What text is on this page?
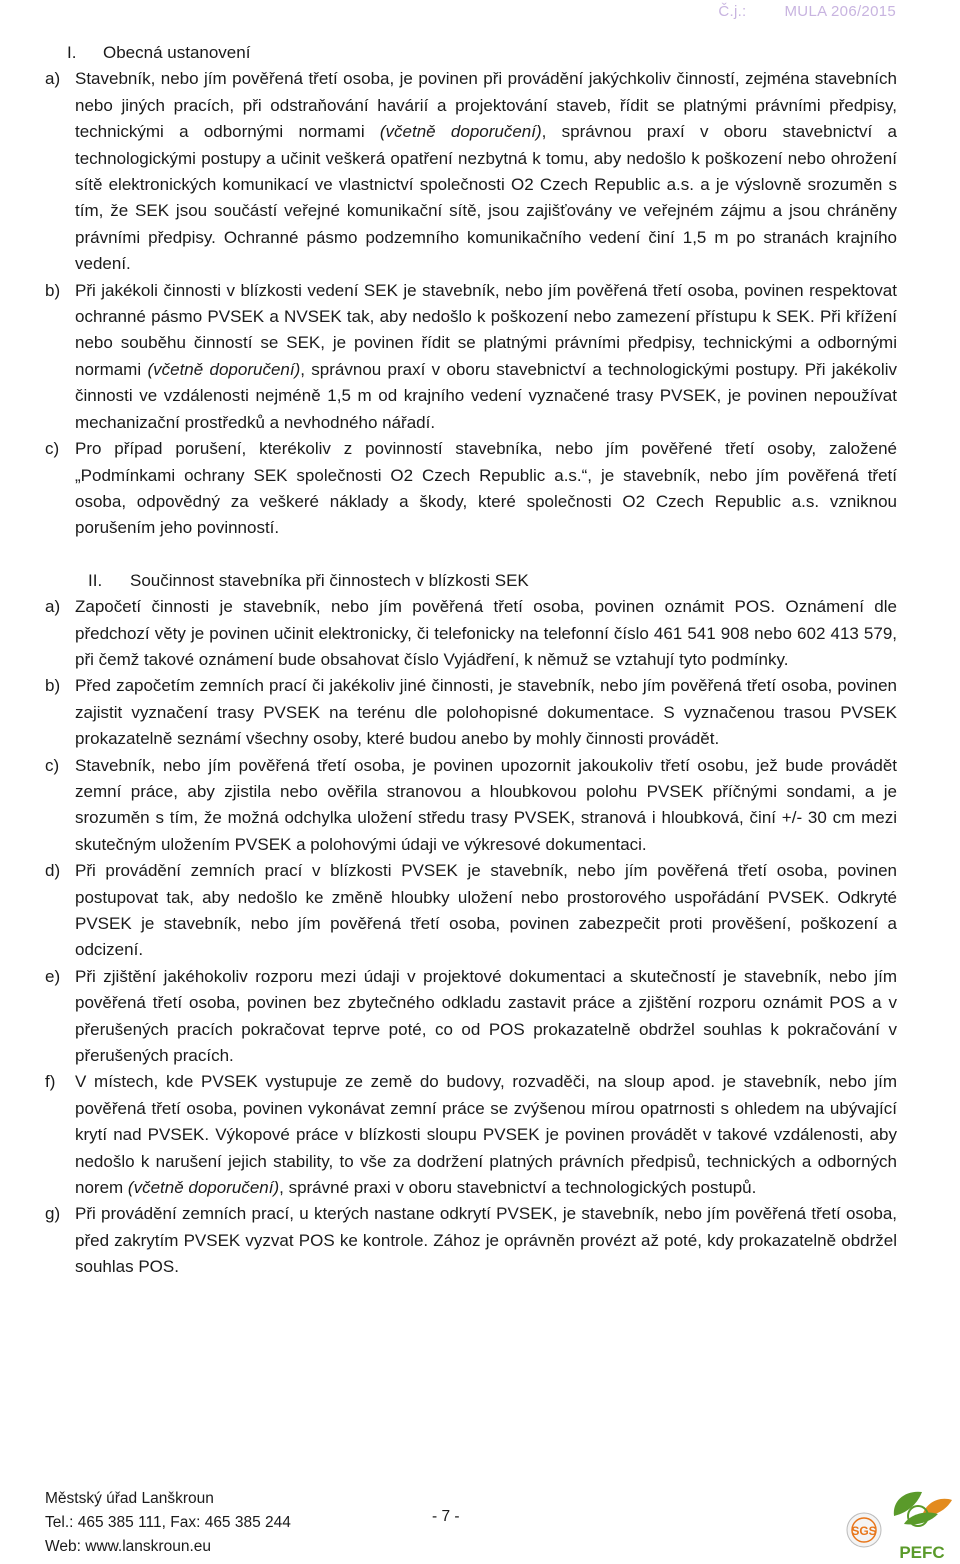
Č.j.:	MULA 206/2015

I. Obecná ustanovení

a) Stavebník, nebo jím pověřená třetí osoba, je povinen při provádění jakýchkoliv činností, zejména stavebních nebo jiných pracích, při odstraňování havárií a projektování staveb, řídit se platnými právními předpisy, technickými a odbornými normami (včetně doporučení), správnou praxí v oboru stavebnictví a technologickými postupy a učinit veškerá opatření nezbytná k tomu, aby nedošlo k poškození nebo ohrožení sítě elektronických komunikací ve vlastnictví společnosti O2 Czech Republic a.s. a je výslovně srozuměn s tím, že SEK jsou součástí veřejné komunikační sítě, jsou zajišťovány ve veřejném zájmu a jsou chráněny právními předpisy. Ochranné pásmo podzemního komunikačního vedení činí 1,5 m po stranách krajního vedení.
b) Při jakékoli činnosti v blízkosti vedení SEK je stavebník, nebo jím pověřená třetí osoba, povinen respektovat ochranné pásmo PVSEK a NVSEK tak, aby nedošlo k poškození nebo zamezení přístupu k SEK. Při křížení nebo souběhu činností se SEK, je povinen řídit se platnými právními předpisy, technickými a odbornými normami (včetně doporučení), správnou praxí v oboru stavebnictví a technologickými postupy. Při jakékoliv činnosti ve vzdálenosti nejméně 1,5 m od krajního vedení vyznačené trasy PVSEK, je povinen nepoužívat mechanizační prostředků a nevhodného nářadí.
c) Pro případ porušení, kterékoliv z povinností stavebníka, nebo jím pověřené třetí osoby, založené „Podmínkami ochrany SEK společnosti O2 Czech Republic a.s.“, je stavebník, nebo jím pověřená třetí osoba, odpovědný za veškeré náklady a škody, které společnosti O2 Czech Republic a.s. vzniknou porušením jeho povinností.

II. Součinnost stavebníka při činnostech v blízkosti SEK

a) Započetí činnosti je stavebník, nebo jím pověřená třetí osoba, povinen oznámit POS. Oznámení dle předchozí věty je povinen učinit elektronicky, či telefonicky na telefonní číslo 461 541 908 nebo 602 413 579, při čemž takové oznámení bude obsahovat číslo Vyjádření, k němuž se vztahují tyto podmínky.
b) Před započetím zemních prací či jakékoliv jiné činnosti, je stavebník, nebo jím pověřená třetí osoba, povinen zajistit vyznačení trasy PVSEK na terénu dle polohopisné dokumentace. S vyznačenou trasou PVSEK prokazatelně seznámí všechny osoby, které budou anebo by mohly činnosti provádět.
c) Stavebník, nebo jím pověřená třetí osoba, je povinen upozornit jakoukoliv třetí osobu, jež bude provádět zemní práce, aby zjistila nebo ověřila stranovou a hloubkovou polohu PVSEK příčnými sondami, a je srozuměn s tím, že možná odchylka uložení středu trasy PVSEK, stranová i hloubková, činí +/- 30 cm mezi skutečným uložením PVSEK a polohovými údaji ve výkresové dokumentaci.
d) Při provádění zemních prací v blízkosti PVSEK je stavebník, nebo jím pověřená třetí osoba, povinen postupovat tak, aby nedošlo ke změně hloubky uložení nebo prostorového uspořádání PVSEK. Odkryté PVSEK je stavebník, nebo jím pověřená třetí osoba, povinen zabezpečit proti prověšení, poškození a odcizení.
e) Při zjištění jakéhokoliv rozporu mezi údaji v projektové dokumentaci a skutečností je stavebník, nebo jím pověřená třetí osoba, povinen bez zbytečného odkladu zastavit práce a zjištění rozporu oznámit POS a v přerušených pracích pokračovat teprve poté, co od POS prokazatelně obdržel souhlas k pokračování v přerušených pracích.
f) V místech, kde PVSEK vystupuje ze země do budovy, rozvaděči, na sloup apod. je stavebník, nebo jím pověřená třetí osoba, povinen vykonávat zemní práce se zvýšenou mírou opatrnosti s ohledem na ubývající krytí nad PVSEK. Výkopové práce v blízkosti sloupu PVSEK je povinen provádět v takové vzdálenosti, aby nedošlo k narušení jejich stability, to vše za dodržení platných právních předpisů, technických a odborných norem (včetně doporučení), správné praxi v oboru stavebnictví a technologických postupů.
g) Při provádění zemních prací, u kterých nastane odkrytí PVSEK, je stavebník, nebo jím pověřená třetí osoba, před zakrytím PVSEK vyzvat POS ke kontrole. Zához je oprávněn provézt až poté, kdy prokazatelně obdržel souhlas POS.
Městský úřad Lanškroun
Tel.: 465 385 111, Fax: 465 385 244
Web: www.lanskroun.eu
- 7 -
SGS
PEFC
